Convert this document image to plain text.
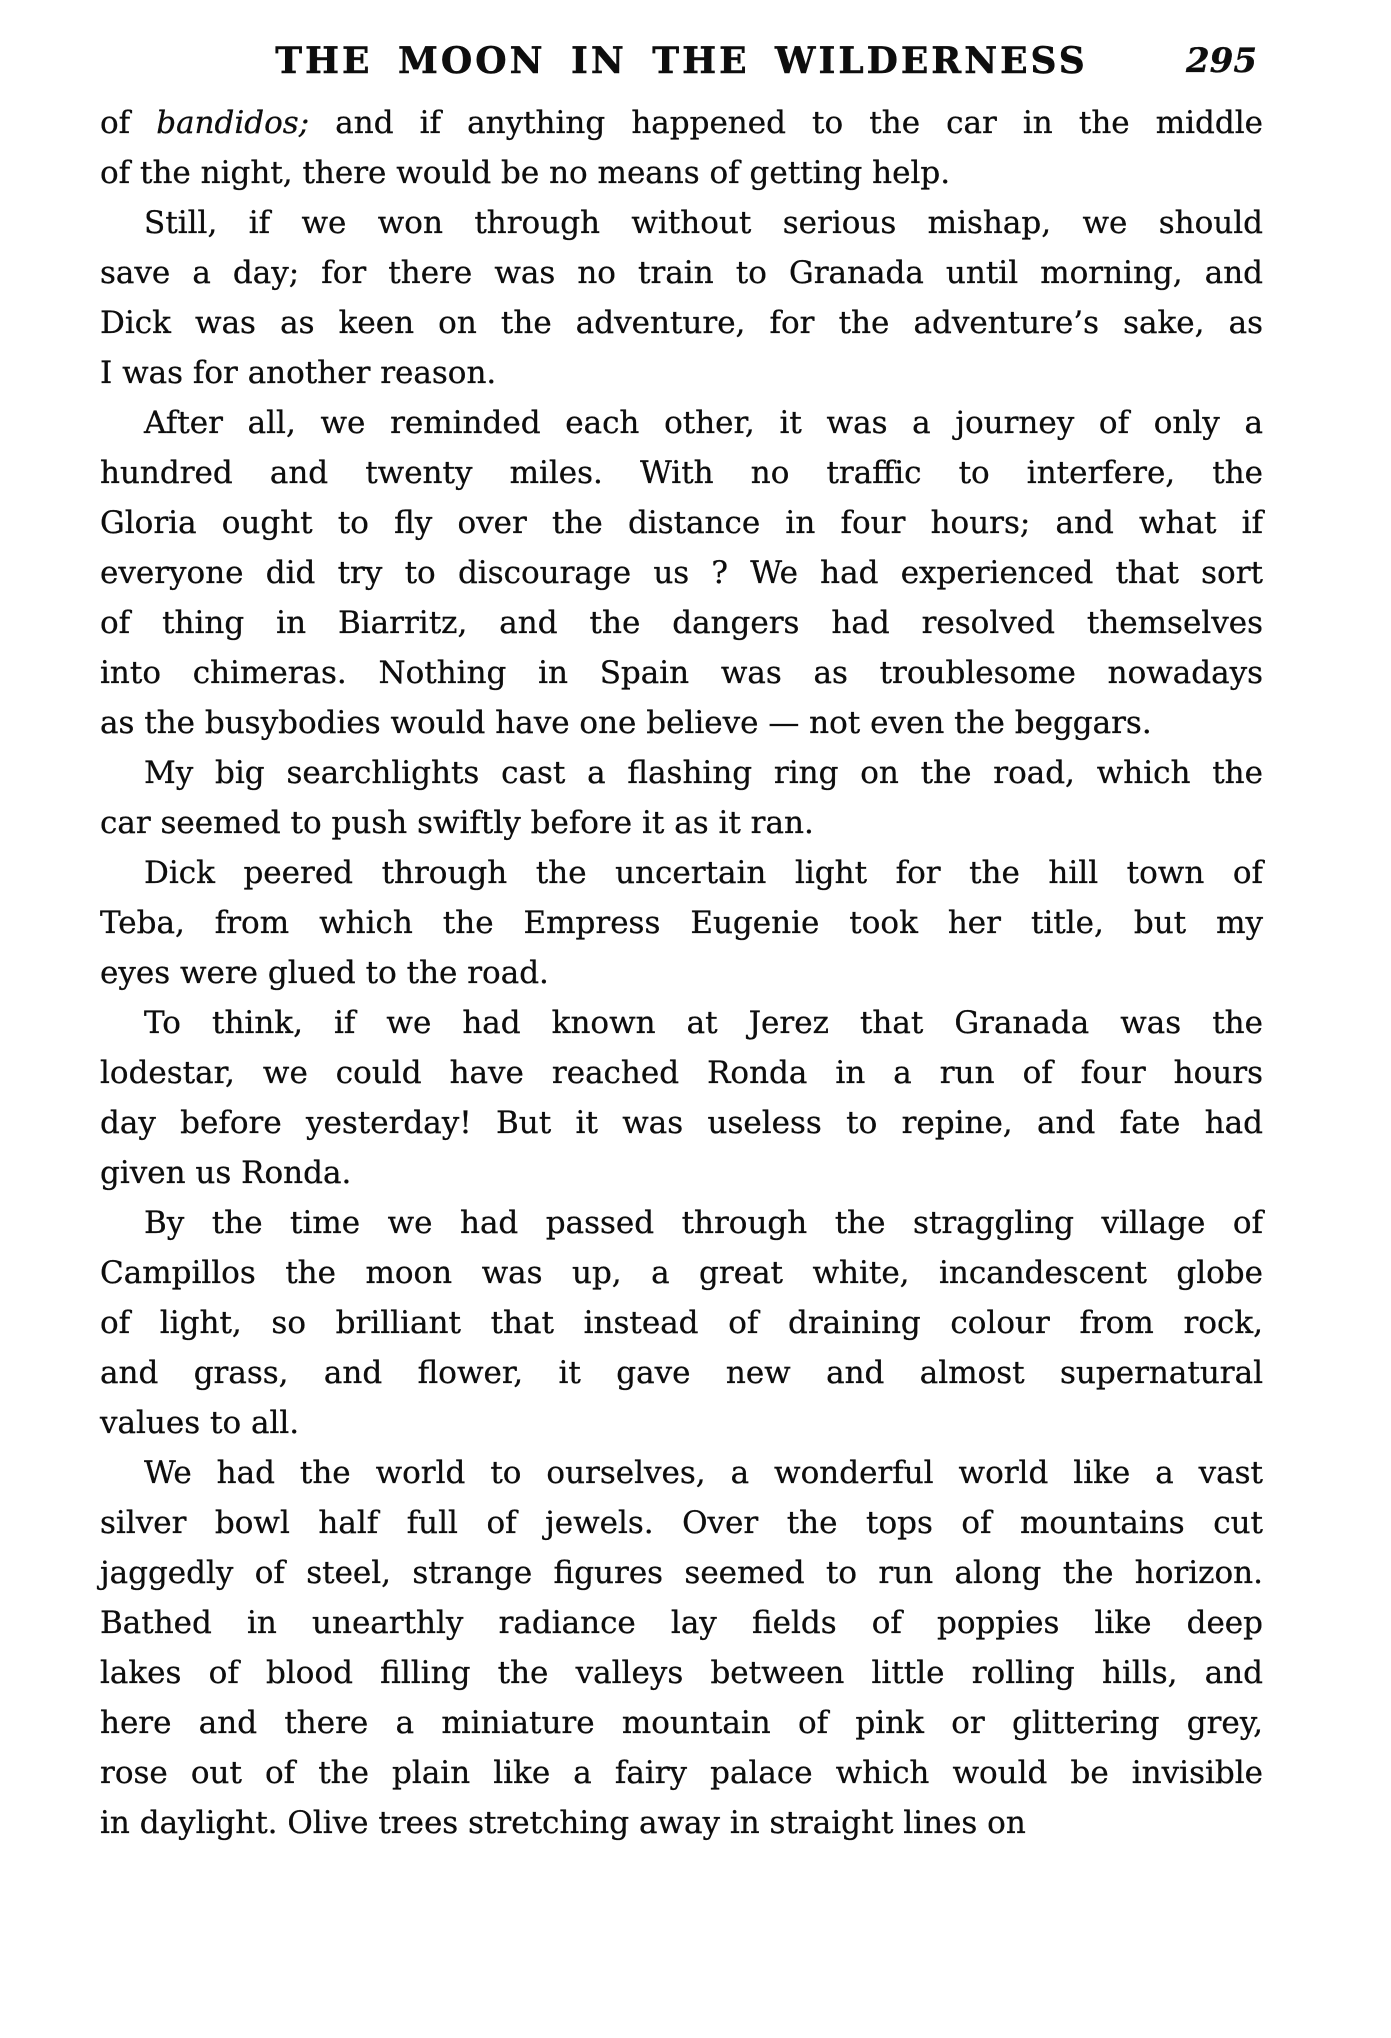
THE MOON IN THE WILDERNESS	295
of bandidos; and if anything happened to the car in the middle
of the night, there would be no means of getting help.
Still, if we won through without serious mishap, we should
save a day; for there was no train to Granada until morning, and
Dick was as keen on the adventure, for the adventure’s sake, as
I was for another reason.
After all, we reminded each other, it was a journey of only a
hundred and twenty miles. With no traffic to interfere, the
Gloria ought to fly over the distance in four hours; and what if
everyone did try to discourage us ? We had experienced that sort
of thing in Biarritz, and the dangers had resolved themselves
into chimeras. Nothing in Spain was as troublesome nowadays
as the busybodies would have one believe — not even the beggars.
My big searchlights cast a flashing ring on the road, which the
car seemed to push swiftly before it as it ran.
Dick peered through the uncertain light for the hill town of
Teba, from which the Empress Eugenie took her title, but my
eyes were glued to the road.
To think, if we had known at Jerez that Granada was the
lodestar, we could have reached Ronda in a run of four hours
day before yesterday! But it was useless to repine, and fate had
given us Ronda.
By the time we had passed through the straggling village of
Campillos the moon was up, a great white, incandescent globe
of light, so brilliant that instead of draining colour from rock,
and grass, and flower, it gave new and almost supernatural
values to all.
We had the world to ourselves, a wonderful world like a vast
silver bowl half full of jewels. Over the tops of mountains cut
jaggedly of steel, strange figures seemed to run along the horizon.
Bathed in unearthly radiance lay fields of poppies like deep
lakes of blood filling the valleys between little rolling hills, and
here and there a miniature mountain of pink or glittering grey,
rose out of the plain like a fairy palace which would be invisible
in daylight. Olive trees stretching away in straight lines on
